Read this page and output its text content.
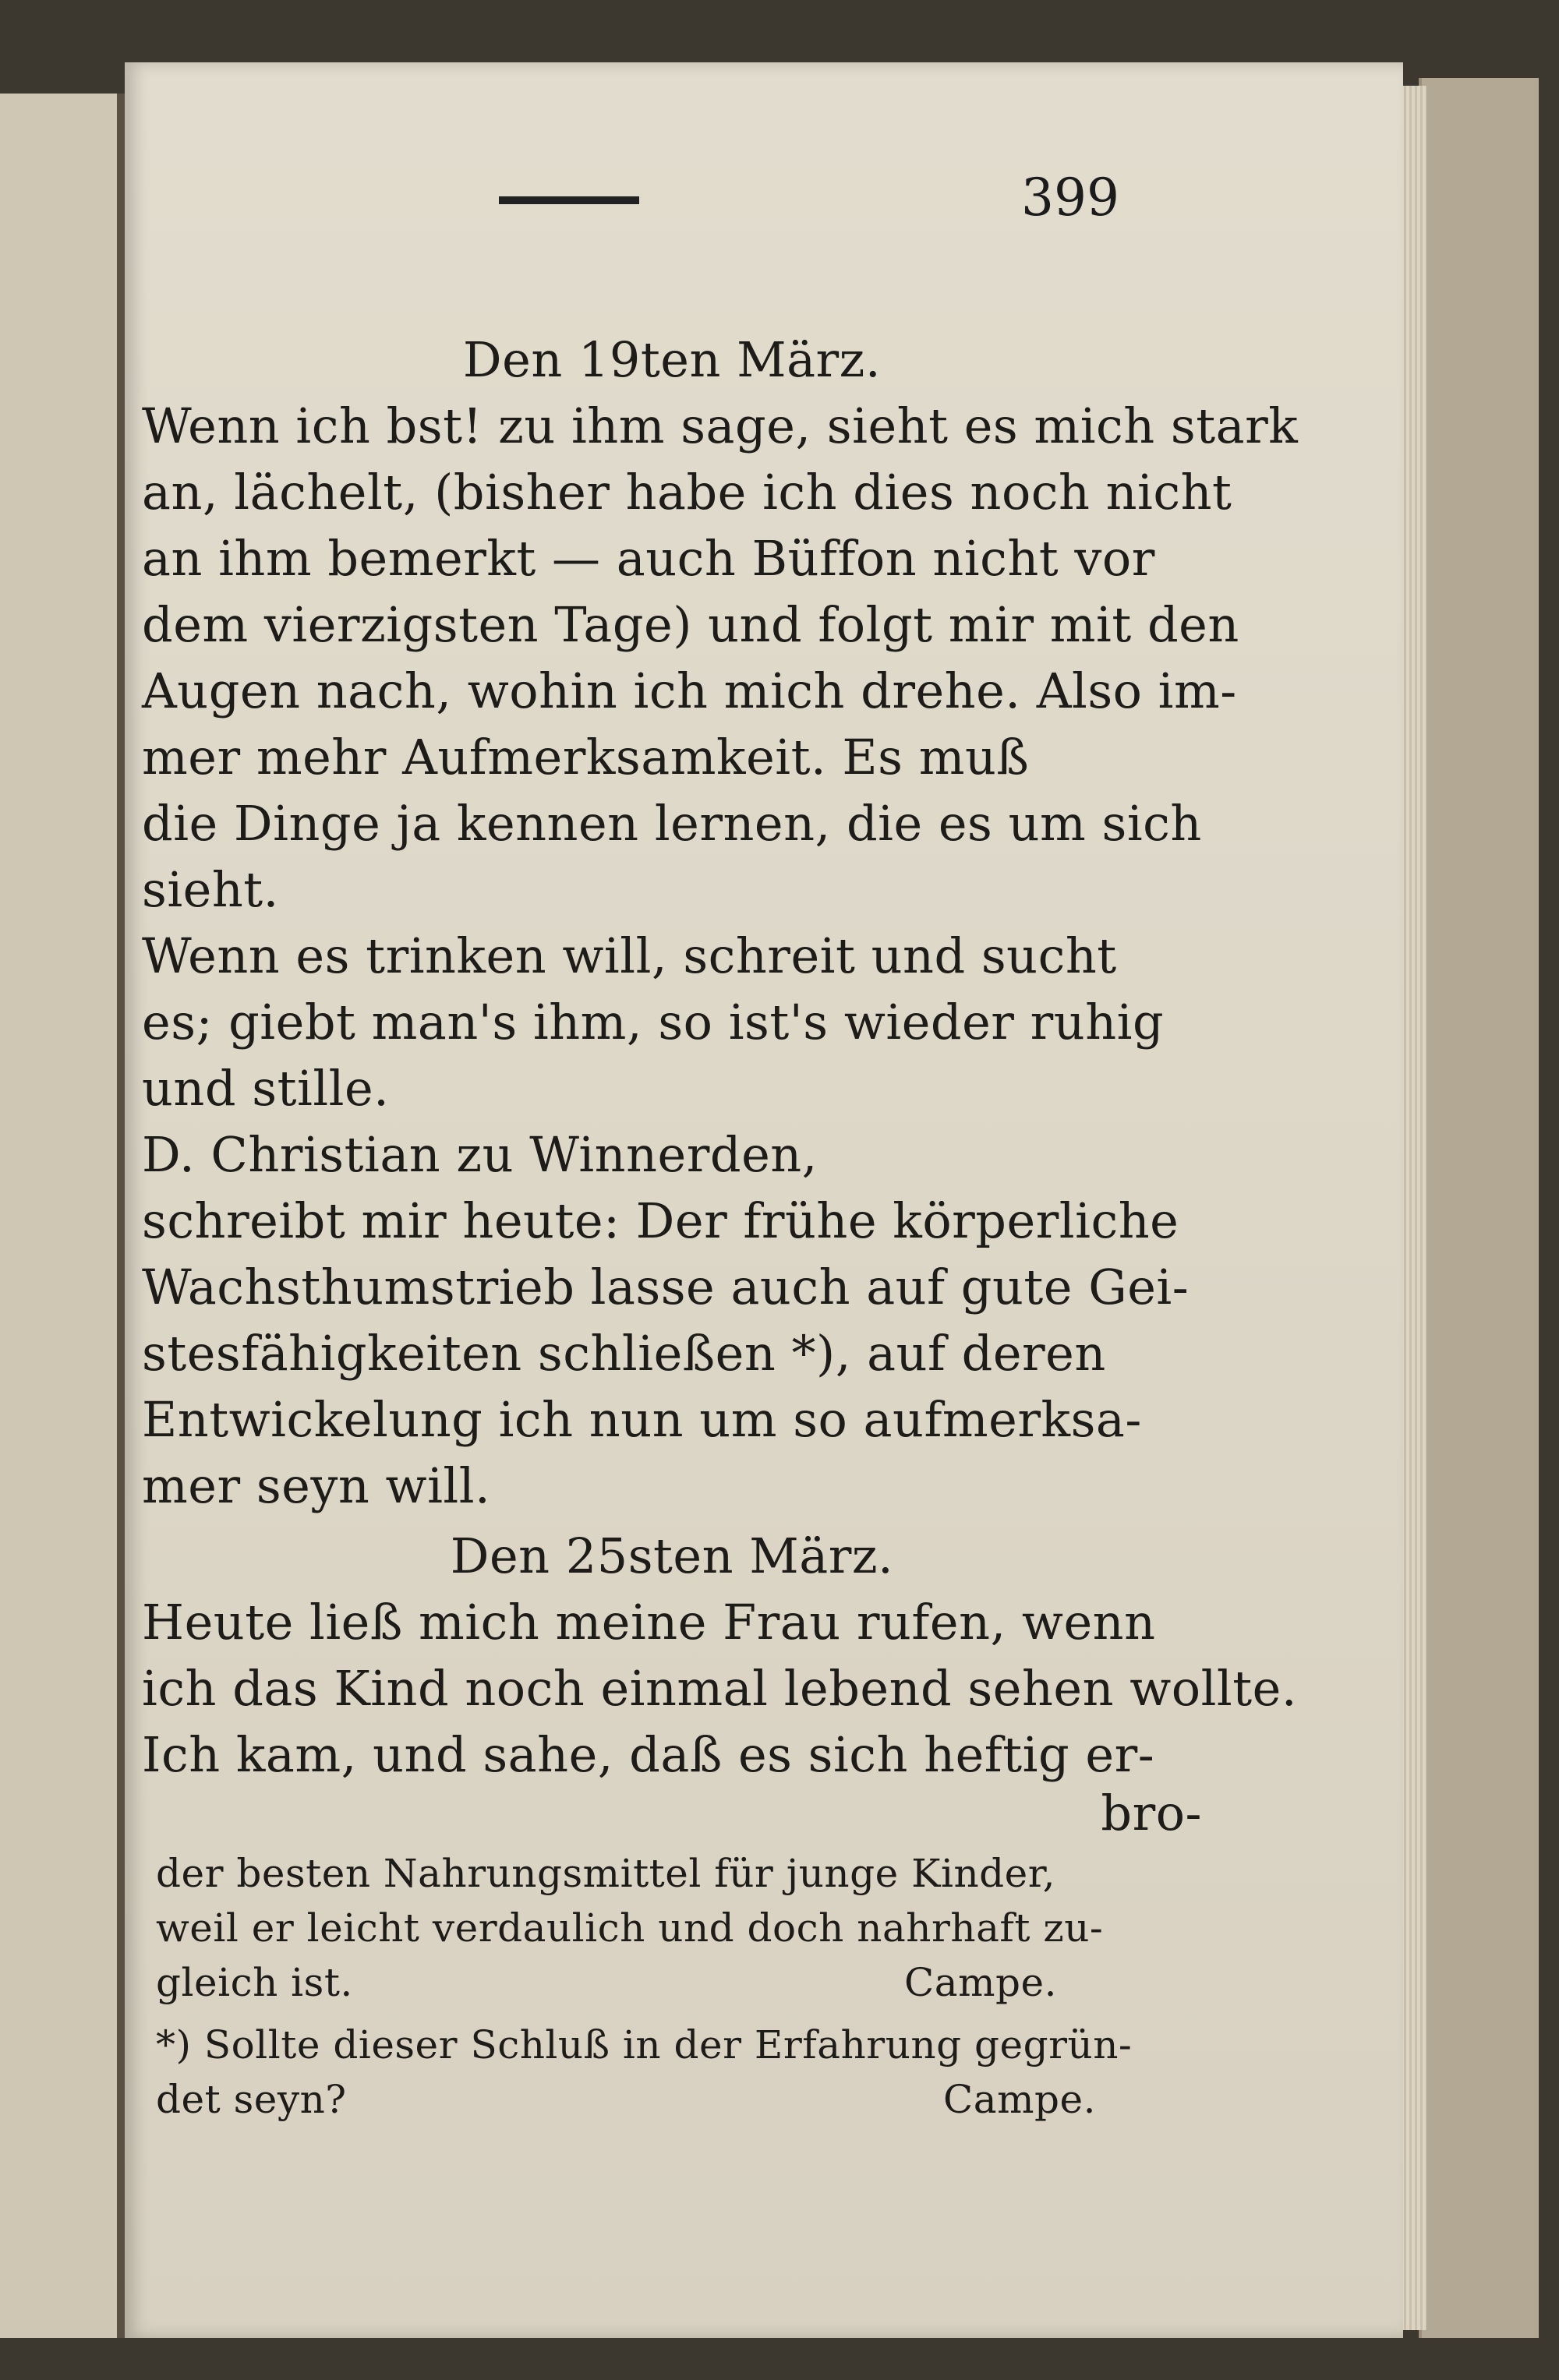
399
Den 19ten März.
Wenn ich bst! zu ihm sage, sieht es mich stark
an, lächelt, (bisher habe ich dies noch nicht
an ihm bemerkt — auch Büffon nicht vor
dem vierzigsten Tage) und folgt mir mit den
Augen nach, wohin ich mich drehe. Also im-
mer mehr Aufmerksamkeit. Es muß
die Dinge ja kennen lernen, die es um sich
sieht.
Wenn es trinken will, schreit und sucht
es; giebt man's ihm, so ist's wieder ruhig
und stille.
D. Christian zu Winnerden,
schreibt mir heute: Der frühe körperliche
Wachsthumstrieb lasse auch auf gute Gei-
stesfähigkeiten schließen *), auf deren
Entwickelung ich nun um so aufmerksa-
mer seyn will.
Den 25sten März.
Heute ließ mich meine Frau rufen, wenn
ich das Kind noch einmal lebend sehen wollte.
Ich kam, und sahe, daß es sich heftig er-
bro-
der besten Nahrungsmittel für junge Kinder,
weil er leicht verdaulich und doch nahrhaft zu-
gleich ist.	Campe.
*) Sollte dieser Schluß in der Erfahrung gegrün-
det seyn?	Campe.
